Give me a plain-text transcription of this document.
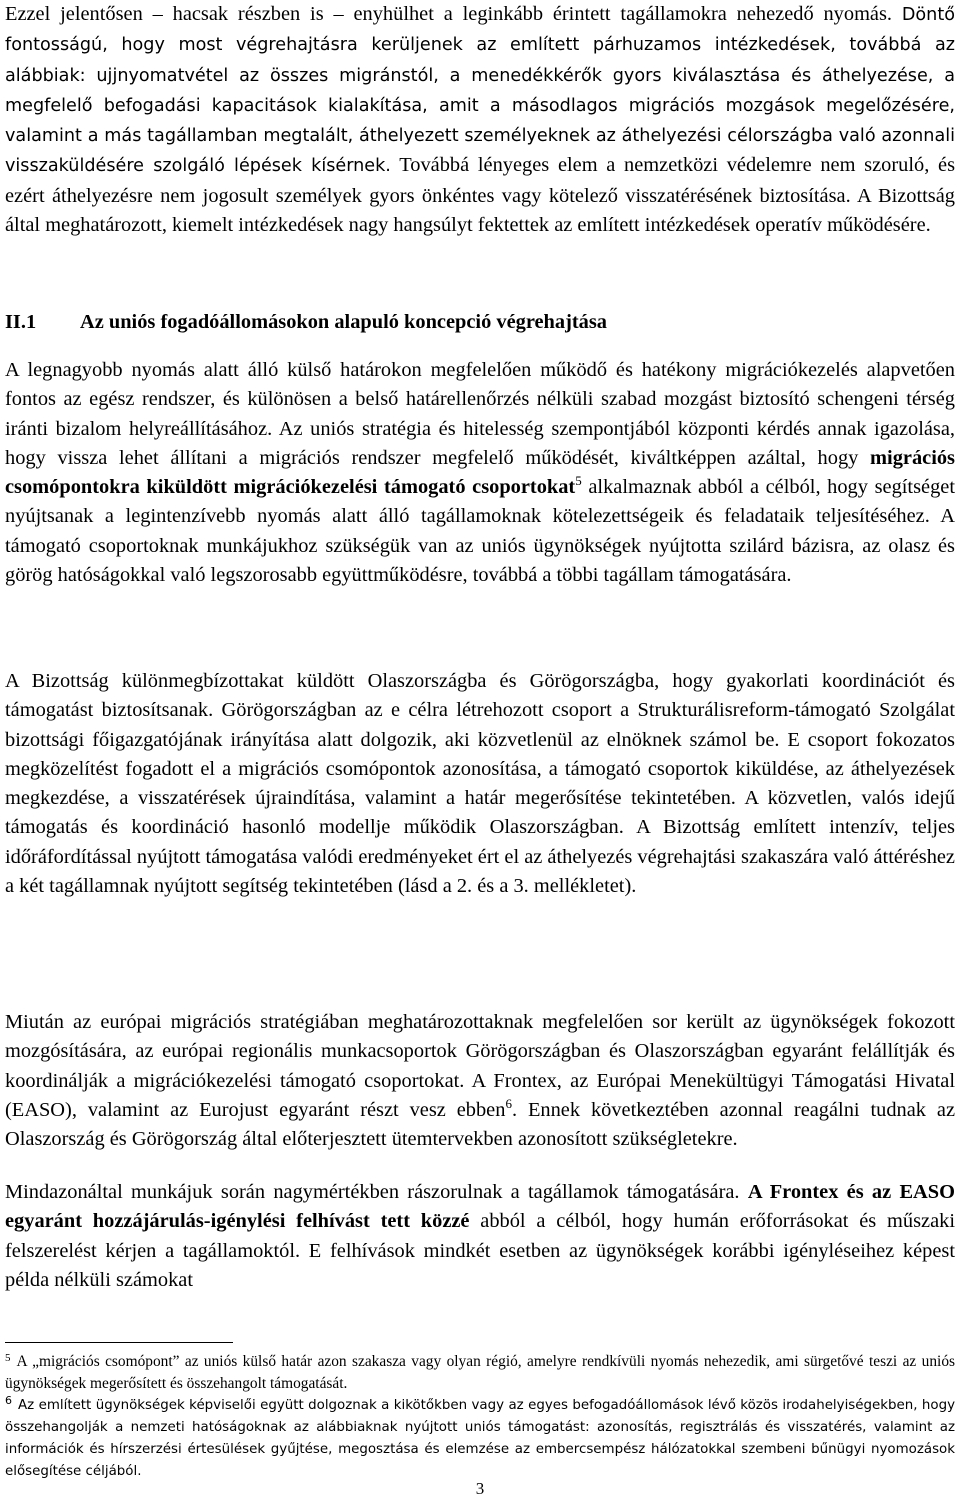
Ezzel jelentősen – hacsak részben is – enyhülhet a leginkább érintett tagállamokra nehezedő nyomás. Döntő fontosságú, hogy most végrehajtásra kerüljenek az említett párhuzamos intézkedések, továbbá az alábbiak: ujjnyomatvétel az összes migránstól, a menedékkérők gyors kiválasztása és áthelyezése, a megfelelő befogadási kapacitások kialakítása, amit a másodlagos migrációs mozgások megelőzésére, valamint a más tagállamban megtalált, áthelyezett személyeknek az áthelyezési célországba való azonnali visszaküldésére szolgáló lépések kísérnek. Továbbá lényeges elem a nemzetközi védelemre nem szoruló, és ezért áthelyezésre nem jogosult személyek gyors önkéntes vagy kötelező visszatérésének biztosítása. A Bizottság által meghatározott, kiemelt intézkedések nagy hangsúlyt fektettek az említett intézkedések operatív működésére.

II.1 Az uniós fogadóállomásokon alapuló koncepció végrehajtása

A legnagyobb nyomás alatt álló külső határokon megfelelően működő és hatékony migrációkezelés alapvetően fontos az egész rendszer, és különösen a belső határellenőrzés nélküli szabad mozgást biztosító schengeni térség iránti bizalom helyreállításához. Az uniós stratégia és hitelesség szempontjából központi kérdés annak igazolása, hogy vissza lehet állítani a migrációs rendszer megfelelő működését, kiváltképpen azáltal, hogy migrációs csomópontokra kiküldött migrációkezelési támogató csoportokat$^5$ alkalmaznak abból a célból, hogy segítséget nyújtsanak a legintenzívebb nyomás alatt álló tagállamoknak kötelezettségeik és feladataik teljesítéséhez. A támogató csoportoknak munkájukhoz szükségük van az uniós ügynökségek nyújtotta szilárd bázisra, az olasz és görög hatóságokkal való legszorosabb együttműködésre, továbbá a többi tagállam támogatására.

A Bizottság különmegbízottakat küldött Olaszországba és Görögországba, hogy gyakorlati koordinációt és támogatást biztosítsanak. Görögországban az e célra létrehozott csoport a Strukturálisreform-támogató Szolgálat bizottsági főigazgatójának irányítása alatt dolgozik, aki közvetlenül az elnöknek számol be. E csoport fokozatos megközelítést fogadott el a migrációs csomópontok azonosítása, a támogató csoportok kiküldése, az áthelyezések megkezdése, a visszatérések újraindítása, valamint a határ megerősítése tekintetében. A közvetlen, valós idejű támogatás és koordináció hasonló modellje működik Olaszországban. A Bizottság említett intenzív, teljes időráfordítással nyújtott támogatása valódi eredményeket ért el az áthelyezés végrehajtási szakaszára való áttéréshez a két tagállamnak nyújtott segítség tekintetében (lásd a 2. és a 3. mellékletet).

Miután az európai migrációs stratégiában meghatározottaknak megfelelően sor került az ügynökségek fokozott mozgósítására, az európai regionális munkacsoportok Görögországban és Olaszországban egyaránt felállítják és koordinálják a migrációkezelési támogató csoportokat. A Frontex, az Európai Menekültügyi Támogatási Hivatal (EASO), valamint az Eurojust egyaránt részt vesz ebben$^6$. Ennek következtében azonnal reagálni tudnak az Olaszország és Görögország által előterjesztett ütemtervekben azonosított szükségletekre.

Mindazonáltal munkájuk során nagymértékben rászorulnak a tagállamok támogatására. A Frontex és az EASO egyaránt hozzájárulás-igénylési felhívást tett közzé abból a célból, hogy humán erőforrásokat és műszaki felszerelést kérjen a tagállamoktól. E felhívások mindkét esetben az ügynökségek korábbi igényléseihez képest példa nélküli számokat

$^5$ A „migrációs csomópont” az uniós külső határ azon szakasza vagy olyan régió, amelyre rendkívüli nyomás nehezedik, ami sürgetővé teszi az uniós ügynökségek megerősített és összehangolt támogatását.

$^6$ Az említett ügynökségek képviselői együtt dolgoznak a kikötőkben vagy az egyes befogadóállomások lévő közös irodahelyiségekben, hogy összehangolják a nemzeti hatóságoknak az alábbiaknak nyújtott uniós támogatást: azonosítás, regisztrálás és visszatérés, valamint az információk és hírszerzési értesülések gyűjtése, megosztása és elemzése az embercsempész hálózatokkal szembeni bűnügyi nyomozások elősegítése céljából.

3
